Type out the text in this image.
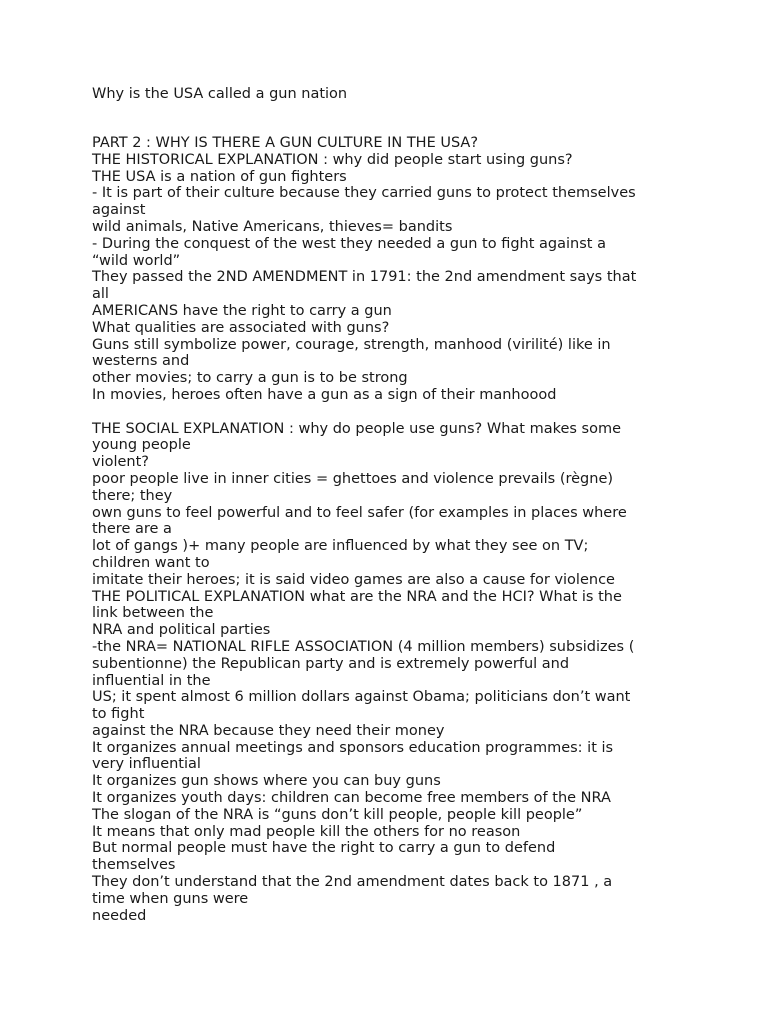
Why is the USA called a gun nation
PART 2 : WHY IS THERE A GUN CULTURE IN THE USA?
THE HISTORICAL EXPLANATION : why did people start using guns?
THE USA is a nation of gun fighters
- It is part of their culture because they carried guns to protect themselves
against
wild animals, Native Americans, thieves= bandits
- During the conquest of the west they needed a gun to fight against a
“wild world”
They passed the 2ND AMENDMENT in 1791: the 2nd amendment says that
all
AMERICANS have the right to carry a gun
What qualities are associated with guns?
Guns still symbolize power, courage, strength, manhood (virilité) like in
westerns and
other movies; to carry a gun is to be strong
In movies, heroes often have a gun as a sign of their manhoood
THE SOCIAL EXPLANATION : why do people use guns? What makes some
young people
violent?
poor people live in inner cities = ghettoes and violence prevails (règne)
there; they
own guns to feel powerful and to feel safer (for examples in places where
there are a
lot of gangs )+ many people are influenced by what they see on TV;
children want to
imitate their heroes; it is said video games are also a cause for violence
THE POLITICAL EXPLANATION what are the NRA and the HCI? What is the
link between the
NRA and political parties
-the NRA= NATIONAL RIFLE ASSOCIATION (4 million members) subsidizes (
subentionne) the Republican party and is extremely powerful and
influential in the
US; it spent almost 6 million dollars against Obama; politicians don’t want
to fight
against the NRA because they need their money
It organizes annual meetings and sponsors education programmes: it is
very influential
It organizes gun shows where you can buy guns
It organizes youth days: children can become free members of the NRA
The slogan of the NRA is “guns don’t kill people, people kill people”
It means that only mad people kill the others for no reason
But normal people must have the right to carry a gun to defend
themselves
They don’t understand that the 2nd amendment dates back to 1871 , a
time when guns were
needed
